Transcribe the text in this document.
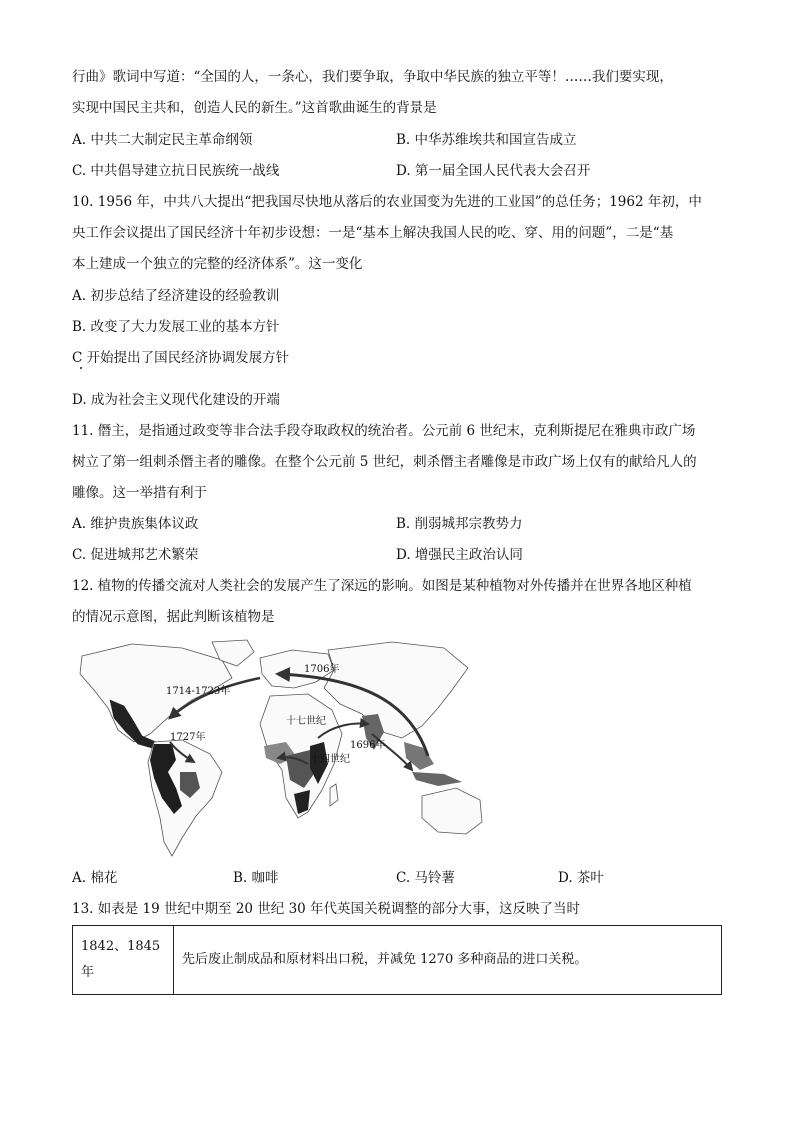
行曲》歌词中写道：“全国的人，一条心，我们要争取，争取中华民族的独立平等！……我们要实现，
实现中国民主共和，创造人民的新生。”这首歌曲诞生的背景是
A. 中共二大制定民主革命纲领	B. 中华苏维埃共和国宣告成立
C. 中共倡导建立抗日民族统一战线	D. 第一届全国人民代表大会召开
10. 1956 年，中共八大提出“把我国尽快地从落后的农业国变为先进的工业国”的总任务；1962 年初，中
央工作会议提出了国民经济十年初步设想：一是“基本上解决我国人民的吃、穿、用的问题”，二是“基
本上建成一个独立的完整的经济体系”。这一变化
A. 初步总结了经济建设的经验教训
B. 改变了大力发展工业的基本方针
C 开始提出了国民经济协调发展方针
D. 成为社会主义现代化建设的开端
11. 僭主，是指通过政变等非合法手段夺取政权的统治者。公元前 6 世纪末，克利斯提尼在雅典市政广场
树立了第一组刺杀僭主者的雕像。在整个公元前 5 世纪，刺杀僭主者雕像是市政广场上仅有的献给凡人的
雕像。这一举措有利于
A. 维护贵族集体议政	B. 削弱城邦宗教势力
C. 促进城邦艺术繁荣	D. 增强民主政治认同
12. 植物的传播交流对人类社会的发展产生了深远的影响。如图是某种植物对外传播并在世界各地区种植
的情况示意图，据此判断该植物是
1706年
1714-1723年
1727年
十七世纪
1696年
十四世纪
A. 棉花	B. 咖啡	C. 马铃薯	D. 茶叶
13. 如表是 19 世纪中期至 20 世纪 30 年代英国关税调整的部分大事，这反映了当时
1842、1845
年
	先后废止制成品和原材料出口税，并减免 1270 多种商品的进口关税。
